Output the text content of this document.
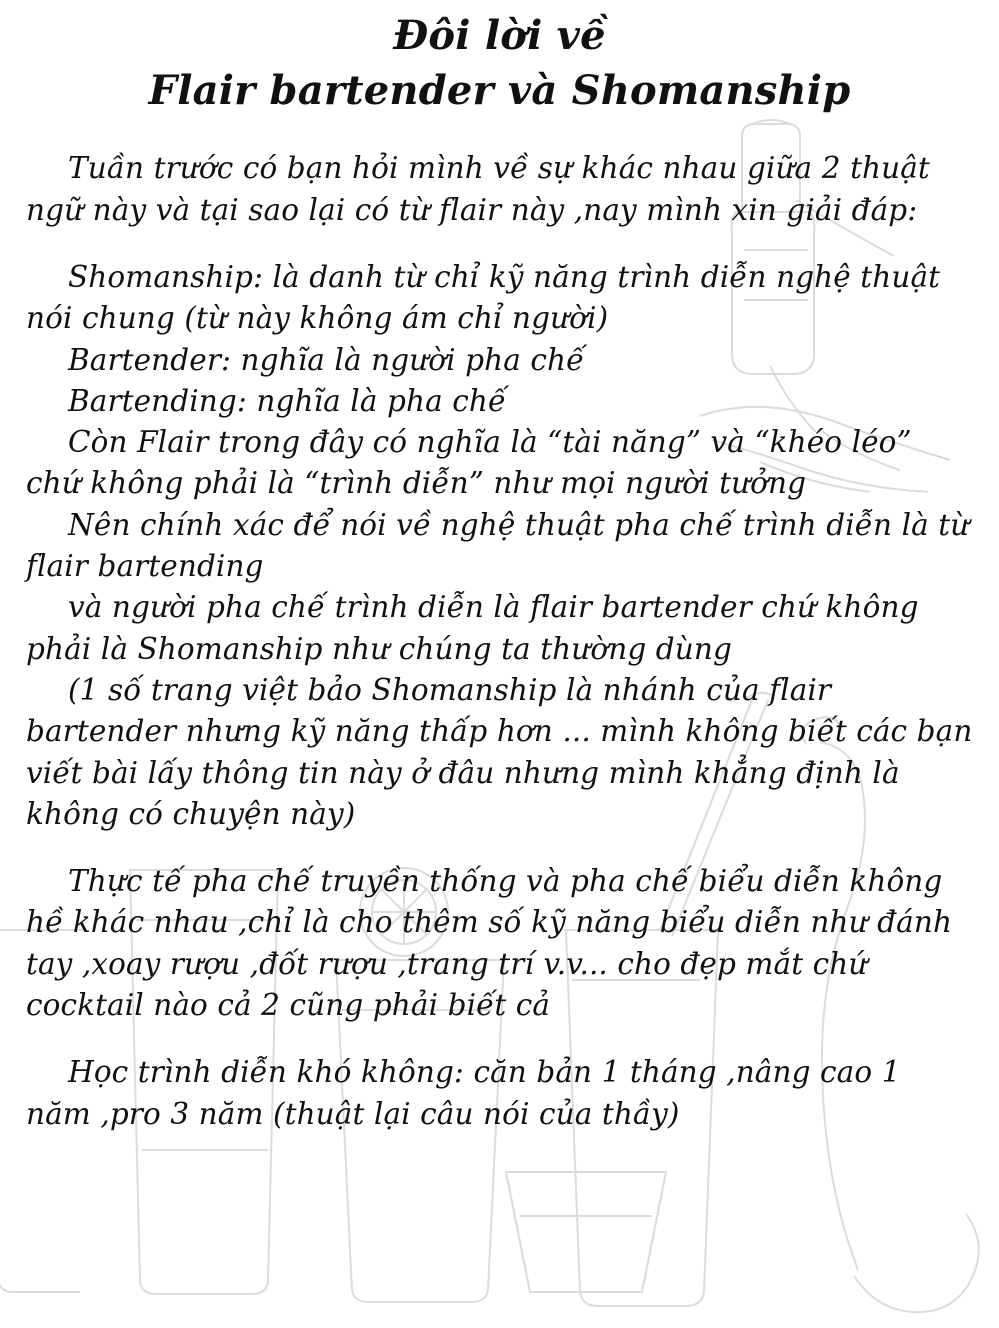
Đôi lời về
Flair bartender và Shomanship

Tuần trước có bạn hỏi mình về sự khác nhau giữa 2 thuật ngữ này và tại sao lại có từ flair này ,nay mình xin giải đáp:

Shomanship: là danh từ chỉ kỹ năng trình diễn nghệ thuật nói chung (từ này không ám chỉ người)

Bartender: nghĩa là người pha chế

Bartending: nghĩa là pha chế

Còn Flair trong đây có nghĩa là “tài năng” và “khéo léo” chứ không phải là “trình diễn” như mọi người tưởng

Nên chính xác để nói về nghệ thuật pha chế trình diễn là từ flair bartending

và người pha chế trình diễn là flair bartender chứ không phải là Shomanship như chúng ta thường dùng

(1 số trang việt bảo Shomanship là nhánh của flair bartender nhưng kỹ năng thấp hơn ... mình không biết các bạn viết bài lấy thông tin này ở đâu nhưng mình khẳng định là không có chuyện này)

Thực tế pha chế truyền thống và pha chế biểu diễn không hề khác nhau ,chỉ là cho thêm số kỹ năng biểu diễn như đánh tay ,xoay rượu ,đốt rượu ,trang trí v.v... cho đẹp mắt chứ cocktail nào cả 2 cũng phải biết cả

Học trình diễn khó không: căn bản 1 tháng ,nâng cao 1 năm ,pro 3 năm (thuật lại câu nói của thầy)
